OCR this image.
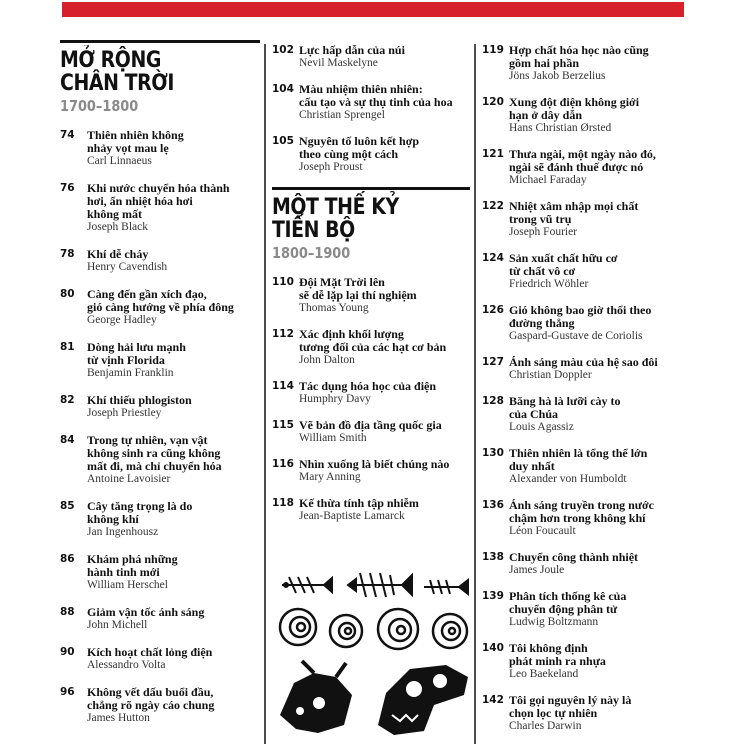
MỞ RỘNG
CHÂN TRỜI
1700–1800
74 Thiên nhiên không
nhảy vọt mau lẹ
Carl Linnaeus
76 Khi nước chuyển hóa thành
hơi, ẩn nhiệt hóa hơi
không mất
Joseph Black
78 Khí dễ cháy
Henry Cavendish
80 Càng đến gần xích đạo,
gió càng hướng về phía đông
George Hadley
81 Dòng hải lưu mạnh
từ vịnh Florida
Benjamin Franklin
82 Khí thiếu phlogiston
Joseph Priestley
84 Trong tự nhiên, vạn vật
không sinh ra cũng không
mất đi, mà chỉ chuyển hóa
Antoine Lavoisier
85 Cây tăng trọng là do
không khí
Jan Ingenhousz
86 Khám phá những
hành tinh mới
William Herschel
88 Giảm vận tốc ánh sáng
John Michell
90 Kích hoạt chất lỏng điện
Alessandro Volta
96 Không vết dấu buổi đầu,
chẳng rõ ngày cáo chung
James Hutton
102 Lực hấp dẫn của núi
Nevil Maskelyne
104 Màu nhiệm thiên nhiên:
cấu tạo và sự thụ tinh của hoa
Christian Sprengel
105 Nguyên tố luôn kết hợp
theo cùng một cách
Joseph Proust
MỘT THẾ KỶ
TIẾN BỘ
1800–1900
110 Đội Mặt Trời lên
sẽ dễ lặp lại thí nghiệm
Thomas Young
112 Xác định khối lượng
tương đối của các hạt cơ bản
John Dalton
114 Tác dụng hóa học của điện
Humphry Davy
115 Vẽ bản đồ địa tầng quốc gia
William Smith
116 Nhìn xuống là biết chúng nào
Mary Anning
118 Kế thừa tính tập nhiễm
Jean-Baptiste Lamarck
119 Hợp chất hóa học nào cũng
gồm hai phần
Jöns Jakob Berzelius
120 Xung đột điện không giới
hạn ở dây dẫn
Hans Christian Ørsted
121 Thưa ngài, một ngày nào đó,
ngài sẽ đánh thuế được nó
Michael Faraday
122 Nhiệt xâm nhập mọi chất
trong vũ trụ
Joseph Fourier
124 Sản xuất chất hữu cơ
từ chất vô cơ
Friedrich Wöhler
126 Gió không bao giờ thổi theo
đường thẳng
Gaspard-Gustave de Coriolis
127 Ánh sáng màu của hệ sao đôi
Christian Doppler
128 Băng hà là lưỡi cày to
của Chúa
Louis Agassiz
130 Thiên nhiên là tổng thể lớn
duy nhất
Alexander von Humboldt
136 Ánh sáng truyền trong nước
chậm hơn trong không khí
Léon Foucault
138 Chuyển công thành nhiệt
James Joule
139 Phân tích thống kê của
chuyển động phân tử
Ludwig Boltzmann
140 Tôi không định
phát minh ra nhựa
Leo Baekeland
142 Tôi gọi nguyên lý này là
chọn lọc tự nhiên
Charles Darwin
